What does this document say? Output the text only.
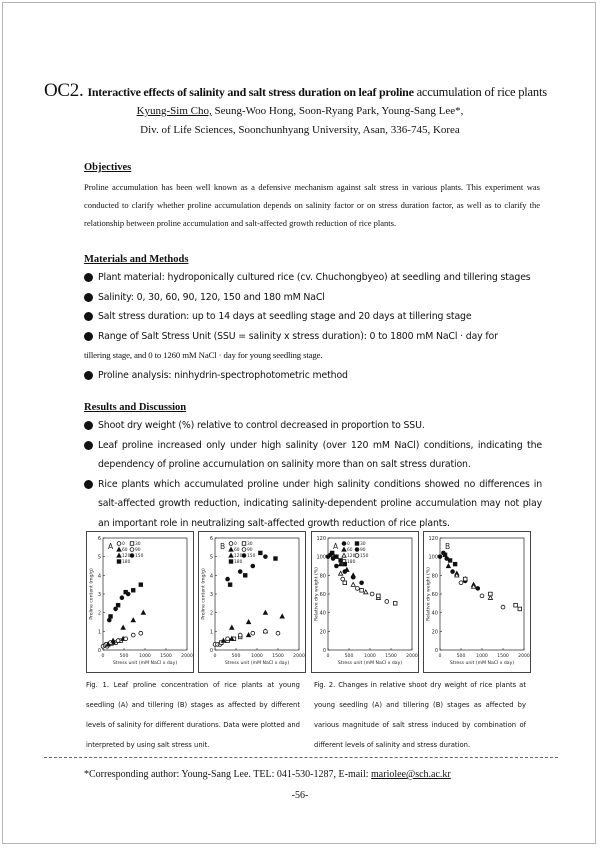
OC2. Interactive effects of salinity and salt stress duration on leaf proline accumulation of rice plants
Kyung-Sim Cho, Seung-Woo Hong, Soon-Ryang Park, Young-Sang Lee*,
Div. of Life Sciences, Soonchunhyang University, Asan, 336-745, Korea
Objectives
Proline accumulation has been well known as a defensive mechanism against salt stress in various plants. This experiment was conducted to clarify whether proline accumulation depends on salinity factor or on stress duration factor, as well as to clarify the relationship between proline accumulation and salt-affected growth reduction of rice plants.
Materials and Methods
Plant material: hydroponically cultured rice (cv. Chuchongbyeo) at seedling and tillering stages
Salinity: 0, 30, 60, 90, 120, 150 and 180 mM NaCl
Salt stress duration: up to 14 days at seedling stage and 20 days at tillering stage
Range of Salt Stress Unit (SSU = salinity x stress duration): 0 to 1800 mM NaCl · day for
tillering stage, and 0 to 1260 mM NaCl · day for young seedling stage.
Proline analysis: ninhydrin-spectrophotometric method
Results and Discussion
Shoot dry weight (%) relative to control decreased in proportion to SSU.
Leaf proline increased only under high salinity (over 120 mM NaCl) conditions, indicating the dependency of proline accumulation on salinity more than on salt stress duration.
Rice plants which accumulated proline under high salinity conditions showed no differences in salt-affected growth reduction, indicating salinity-dependent proline accumulation may not play an important role in neutralizing salt-affected growth reduction of rice plants.
0
1
2
3
4
5
6
0	500 1000 1500 2000
Stress unit (mM NaCl x day)
Proline content (mg/g)
A 0 30
60 90
120 150
180
0
1
2
3
4
5
6
0	500 1000 1500 2000
Stress unit (mM NaCl x day)
Proline content (mg/g)
B 0 30
60 90
120 150
180
0
20
40
60
80
100
120
0	500 1000 1500 2000
Stress unit (mM NaCl x day)
Relative dry weight (%)
A 0 30
60 90
120 150
180
0
20
40
60
80
100
120
0	500 1000 1500 2000
Stress unit (mM NaCl x day)
Relative dry weight (%)
B
Fig. 1. Leaf proline concentration of rice plants at young seedling (A) and tillering (B) stages as affected by different levels of salinity for different durations. Data were plotted and interpreted by using salt stress unit.
Fig. 2. Changes in relative shoot dry weight of rice plants at young seedling (A) and tillering (B) stages as affected by various magnitude of salt stress induced by combination of different levels of salinity and stress duration.
*Corresponding author: Young-Sang Lee. TEL: 041-530-1287, E-mail: mariolee@sch.ac.kr
-56-
